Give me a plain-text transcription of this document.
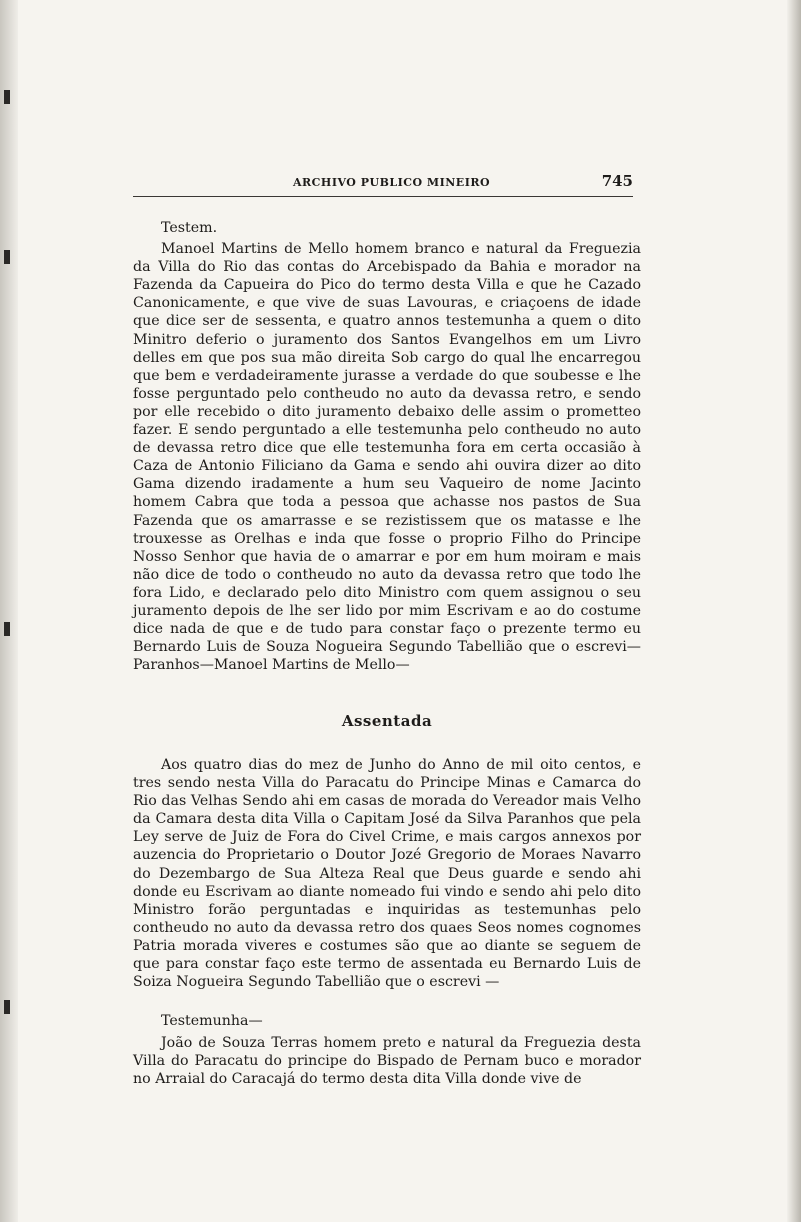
ARCHIVO PUBLICO MINEIRO	745

Testem.

Manoel Martins de Mello homem branco e natural da Freguezia da Villa do Rio das contas do Arcebispado da Bahia e morador na Fazenda da Capueira do Pico do termo desta Villa e que he Cazado Canonicamente, e que vive de suas Lavouras, e criaçoens de idade que dice ser de sessenta, e quatro annos testemunha a quem o dito Minitro deferio o juramento dos Santos Evangelhos em um Livro delles em que pos sua mão direita Sob cargo do qual lhe encarregou que bem e verdadeiramente jurasse a verdade do que soubesse e lhe fosse perguntado pelo contheudo no auto da devassa retro, e sendo por elle recebido o dito juramento debaixo delle assim o prometteo fazer. E sendo perguntado a elle testemunha pelo contheudo no auto de devassa retro dice que elle testemunha fora em certa occasião à Caza de Antonio Filiciano da Gama e sendo ahi ouvira dizer ao dito Gama dizendo iradamente a hum seu Vaqueiro de nome Jacinto homem Cabra que toda a pessoa que achasse nos pastos de Sua Fazenda que os amarrasse e se rezistissem que os matasse e lhe trouxesse as Orelhas e inda que fosse o proprio Filho do Principe Nosso Senhor que havia de o amarrar e por em hum moiram e mais não dice de todo o contheudo no auto da devassa retro que todo lhe fora Lido, e declarado pelo dito Ministro com quem assignou o seu juramento depois de lhe ser lido por mim Escrivam e ao do costume dice nada de que e de tudo para constar faço o prezente termo eu Bernardo Luis de Souza Nogueira Segundo Tabellião que o escrevi—Paranhos—Manoel Martins de Mello—

Assentada

Aos quatro dias do mez de Junho do Anno de mil oito centos, e tres sendo nesta Villa do Paracatu do Principe Minas e Camarca do Rio das Velhas Sendo ahi em casas de morada do Vereador mais Velho da Camara desta dita Villa o Capitam José da Silva Paranhos que pela Ley serve de Juiz de Fora do Civel Crime, e mais cargos annexos por auzencia do Proprietario o Doutor Jozé Gregorio de Moraes Navarro do Dezembargo de Sua Alteza Real que Deus guarde e sendo ahi donde eu Escrivam ao diante nomeado fui vindo e sendo ahi pelo dito Ministro forão perguntadas e inquiridas as testemunhas pelo contheudo no auto da devassa retro dos quaes Seos nomes cognomes Patria morada viveres e costumes são que ao diante se seguem de que para constar faço este termo de assentada eu Bernardo Luis de Soiza Nogueira Segundo Tabellião que o escrevi —

Testemunha—

João de Souza Terras homem preto e natural da Freguezia desta Villa do Paracatu do principe do Bispado de Pernam buco e morador no Arraial do Caracajá do termo desta dita Villa donde vive de
